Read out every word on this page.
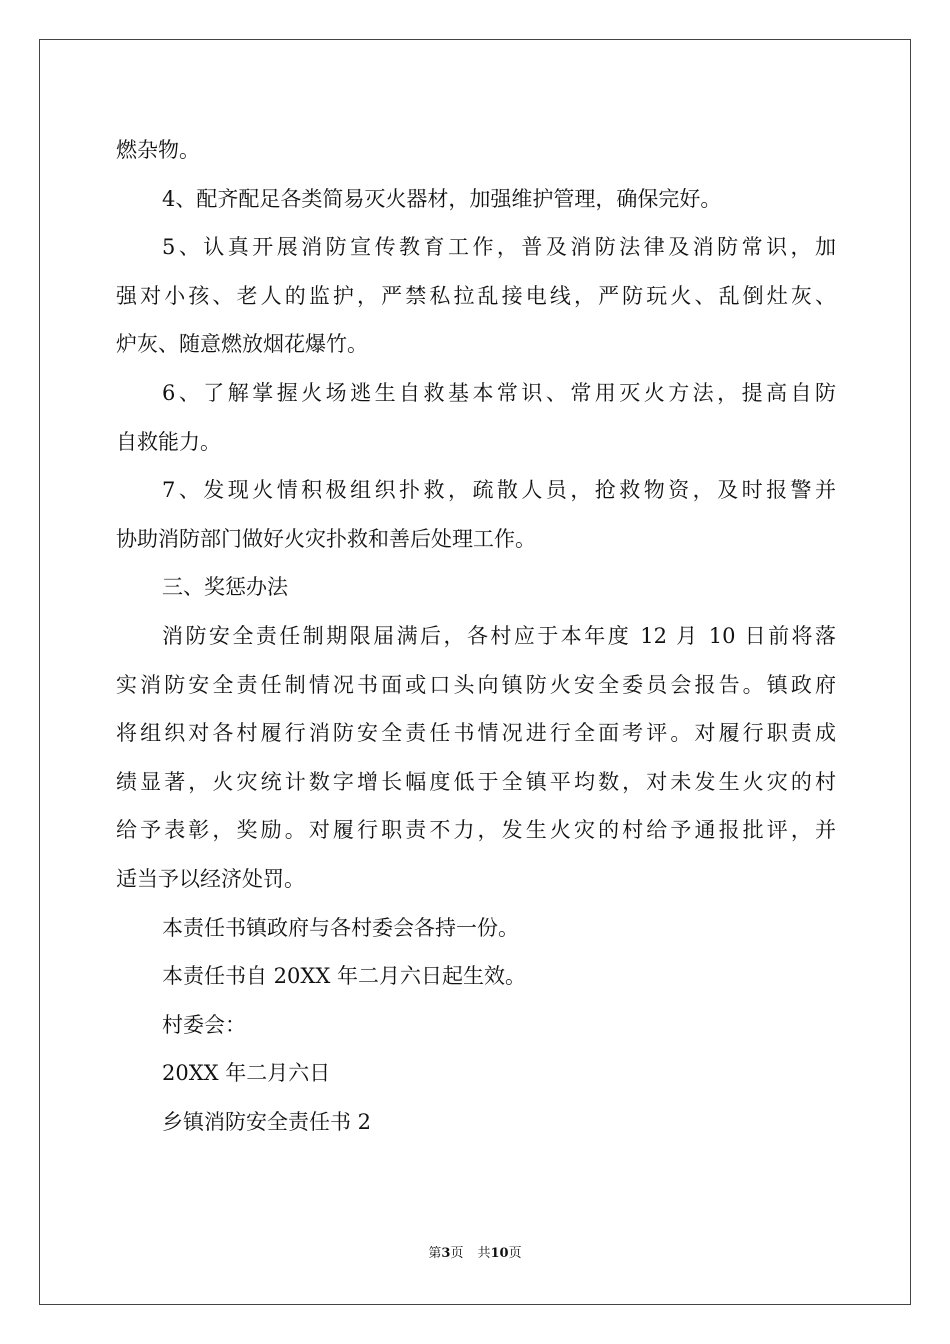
燃杂物。
4、配齐配足各类简易灭火器材，加强维护管理，确保完好。
5、认真开展消防宣传教育工作，普及消防法律及消防常识，加
强对小孩、老人的监护，严禁私拉乱接电线，严防玩火、乱倒灶灰、
炉灰、随意燃放烟花爆竹。
6、了解掌握火场逃生自救基本常识、常用灭火方法，提高自防
自救能力。
7、发现火情积极组织扑救，疏散人员，抢救物资，及时报警并
协助消防部门做好火灾扑救和善后处理工作。
三、奖惩办法
消防安全责任制期限届满后，各村应于本年度 12 月 10 日前将落
实消防安全责任制情况书面或口头向镇防火安全委员会报告。镇政府
将组织对各村履行消防安全责任书情况进行全面考评。对履行职责成
绩显著，火灾统计数字增长幅度低于全镇平均数，对未发生火灾的村
给予表彰，奖励。对履行职责不力，发生火灾的村给予通报批评，并
适当予以经济处罚。
本责任书镇政府与各村委会各持一份。
本责任书自 20XX 年二月六日起生效。
村委会：
20XX 年二月六日
乡镇消防安全责任书 2
第3页 共10页
